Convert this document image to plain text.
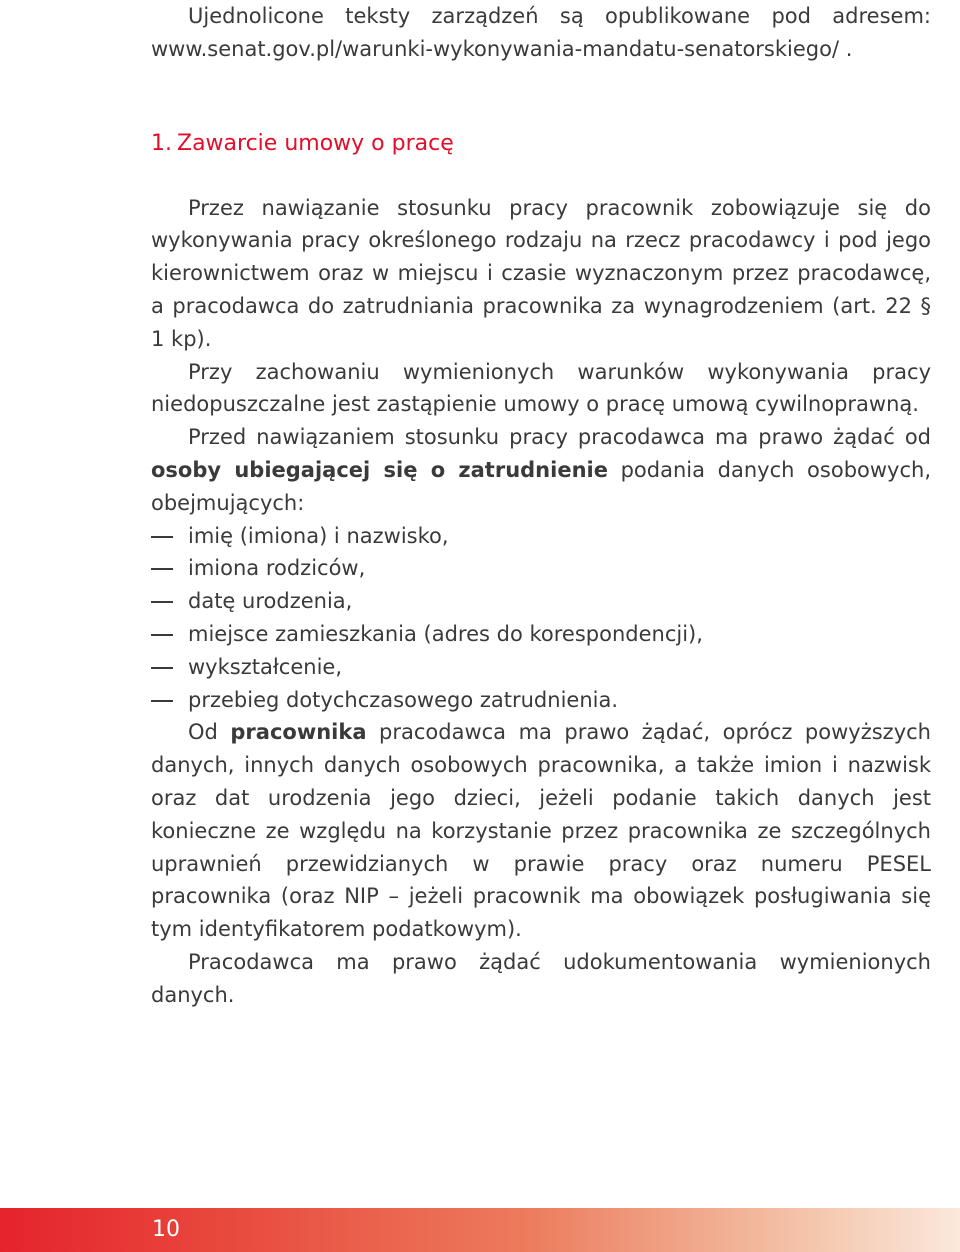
Ujednolicone teksty zarządzeń są opublikowane pod adresem: www.senat.gov.pl/warunki-wykonywania-mandatu-senatorskiego/ .

1. Zawarcie umowy o pracę

Przez nawiązanie stosunku pracy pracownik zobowiązuje się do wykonywania pracy określonego rodzaju na rzecz pracodawcy i pod jego kierownictwem oraz w miejscu i czasie wyznaczonym przez pracodawcę, a pracodawca do zatrudniania pracownika za wynagrodzeniem (art. 22 § 1 kp).

Przy zachowaniu wymienionych warunków wykonywania pracy niedopuszczalne jest zastąpienie umowy o pracę umową cywilnoprawną.

Przed nawiązaniem stosunku pracy pracodawca ma prawo żądać od osoby ubiegającej się o zatrudnienie podania danych osobowych, obejmujących:

imię (imiona) i nazwisko,
imiona rodziców,
datę urodzenia,
miejsce zamieszkania (adres do korespondencji),
wykształcenie,
przebieg dotychczasowego zatrudnienia.

Od pracownika pracodawca ma prawo żądać, oprócz powyższych danych, innych danych osobowych pracownika, a także imion i nazwisk oraz dat urodzenia jego dzieci, jeżeli podanie takich danych jest konieczne ze względu na korzystanie przez pracownika ze szczególnych uprawnień przewidzianych w prawie pracy oraz numeru PESEL pracownika (oraz NIP – jeżeli pracownik ma obowiązek posługiwania się tym identyfikatorem podatkowym).

Pracodawca ma prawo żądać udokumentowania wymienionych danych.

10
